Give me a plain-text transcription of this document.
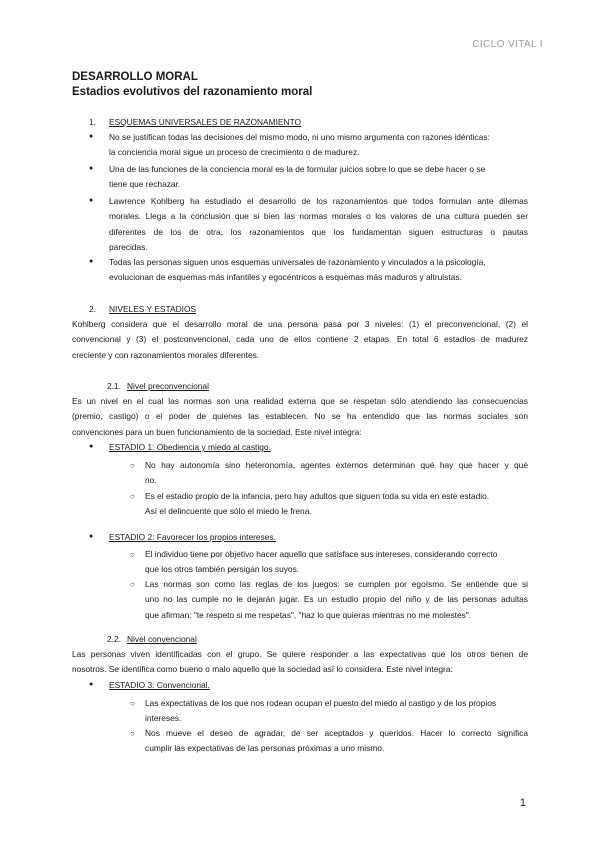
CICLO VITAL I
DESARROLLO MORAL
Estadios evolutivos del razonamiento moral
1. ESQUEMAS UNIVERSALES DE RAZONAMIENTO
● No se justifican todas las decisiones del mismo modo, ni uno mismo argumenta con razones idénticas:
la conciencia moral sigue un proceso de crecimiento o de madurez.
● Una de las funciones de la conciencia moral es la de formular juicios sobre lo que se debe hacer o se
tiene que rechazar.
● Lawrence Kohlberg ha estudiado el desarrollo de los razonamientos que todos formulan ante dilemas
morales. Llega a la conclusión que si bien las normas morales o los valores de una cultura pueden ser
diferentes de los de otra, los razonamientos que los fundamentan siguen estructuras o pautas
parecidas.
● Todas las personas siguen unos esquemas universales de razonamiento y vinculados a la psicología,
evolucionan de esquemas más infantiles y egocéntricos a esquemas más maduros y altruistas.
2. NIVELES Y ESTADIOS
Kohlberg considera que el desarrollo moral de una persona pasa por 3 niveles: (1) el preconvencional, (2) el
convencional y (3) el postconvencional, cada uno de ellos contiene 2 etapas. En total 6 estadios de madurez
creciente y con razonamientos morales diferentes.
2.1. Nivel preconvencional
Es un nivel en el cual las normas son una realidad externa que se respetan sólo atendiendo las consecuencias
(premio, castigo) o el poder de quienes las establecen. No se ha entendido que las normas sociales son
convenciones para un buen funcionamiento de la sociedad. Este nivel integra:
● ESTADIO 1: Obediencia y miedo al castigo.
○ No hay autonomía sino heteronomía, agentes externos determinan qué hay que hacer y qué
no.
○ Es el estadio propio de la infancia, pero hay adultos que siguen toda su vida en este estadio.
Así el delincuente que sólo el miedo le frena.
● ESTADIO 2: Favorecer los propios intereses.
○ El individuo tiene por objetivo hacer aquello que satisface sus intereses, considerando correcto
que los otros también persigan los suyos.
○ Las normas son como las reglas de los juegos: se cumplen por egoísmo. Se entiende que si
uno no las cumple no le dejarán jugar. Es un estudio propio del niño y de las personas adultas
que afirman: "te respeto si me respetas", "haz lo que quieras mientras no me molestes".
2.2. Nivel convencional
Las personas viven identificadas con el grupo. Se quiere responder a las expectativas que los otros tienen de
nosotros. Se identifica como bueno o malo aquello que la sociedad así lo considera. Este nivel integra:
● ESTADIO 3: Convencional.
○ Las expectativas de los que nos rodean ocupan el puesto del miedo al castigo y de los propios
intereses.
○ Nos mueve el deseo de agradar, de ser aceptados y queridos. Hacer lo correcto significa
cumplir las expectativas de las personas próximas a uno mismo.
1
